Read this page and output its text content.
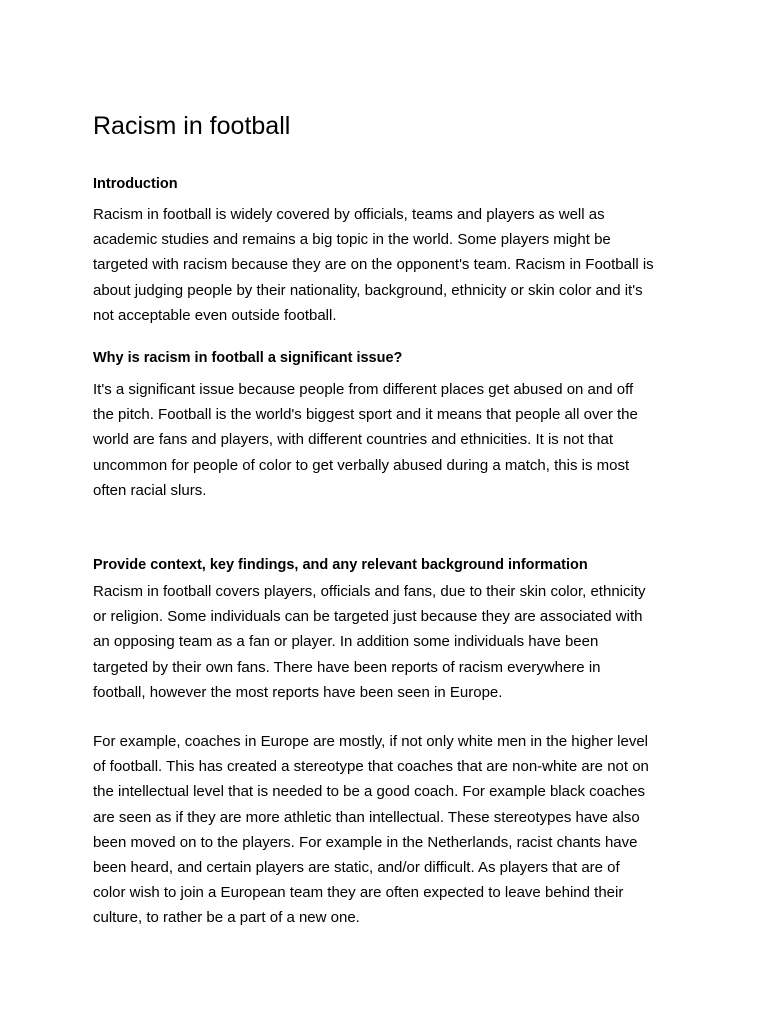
Racism in football
Introduction

Racism in football is widely covered by officials, teams and players as well as
academic studies and remains a big topic in the world. Some players might be
targeted with racism because they are on the opponent's team. Racism in Football is
about judging people by their nationality, background, ethnicity or skin color and it's
not acceptable even outside football.

Why is racism in football a significant issue?

It's a significant issue because people from different places get abused on and off
the pitch. Football is the world's biggest sport and it means that people all over the
world are fans and players, with different countries and ethnicities. It is not that
uncommon for people of color to get verbally abused during a match, this is most
often racial slurs.

Provide context, key findings, and any relevant background information

Racism in football covers players, officials and fans, due to their skin color, ethnicity
or religion. Some individuals can be targeted just because they are associated with
an opposing team as a fan or player. In addition some individuals have been
targeted by their own fans. There have been reports of racism everywhere in
football, however the most reports have been seen in Europe.

For example, coaches in Europe are mostly, if not only white men in the higher level
of football. This has created a stereotype that coaches that are non-white are not on
the intellectual level that is needed to be a good coach. For example black coaches
are seen as if they are more athletic than intellectual. These stereotypes have also
been moved on to the players. For example in the Netherlands, racist chants have
been heard, and certain players are static, and/or difficult. As players that are of
color wish to join a European team they are often expected to leave behind their
culture, to rather be a part of a new one.
